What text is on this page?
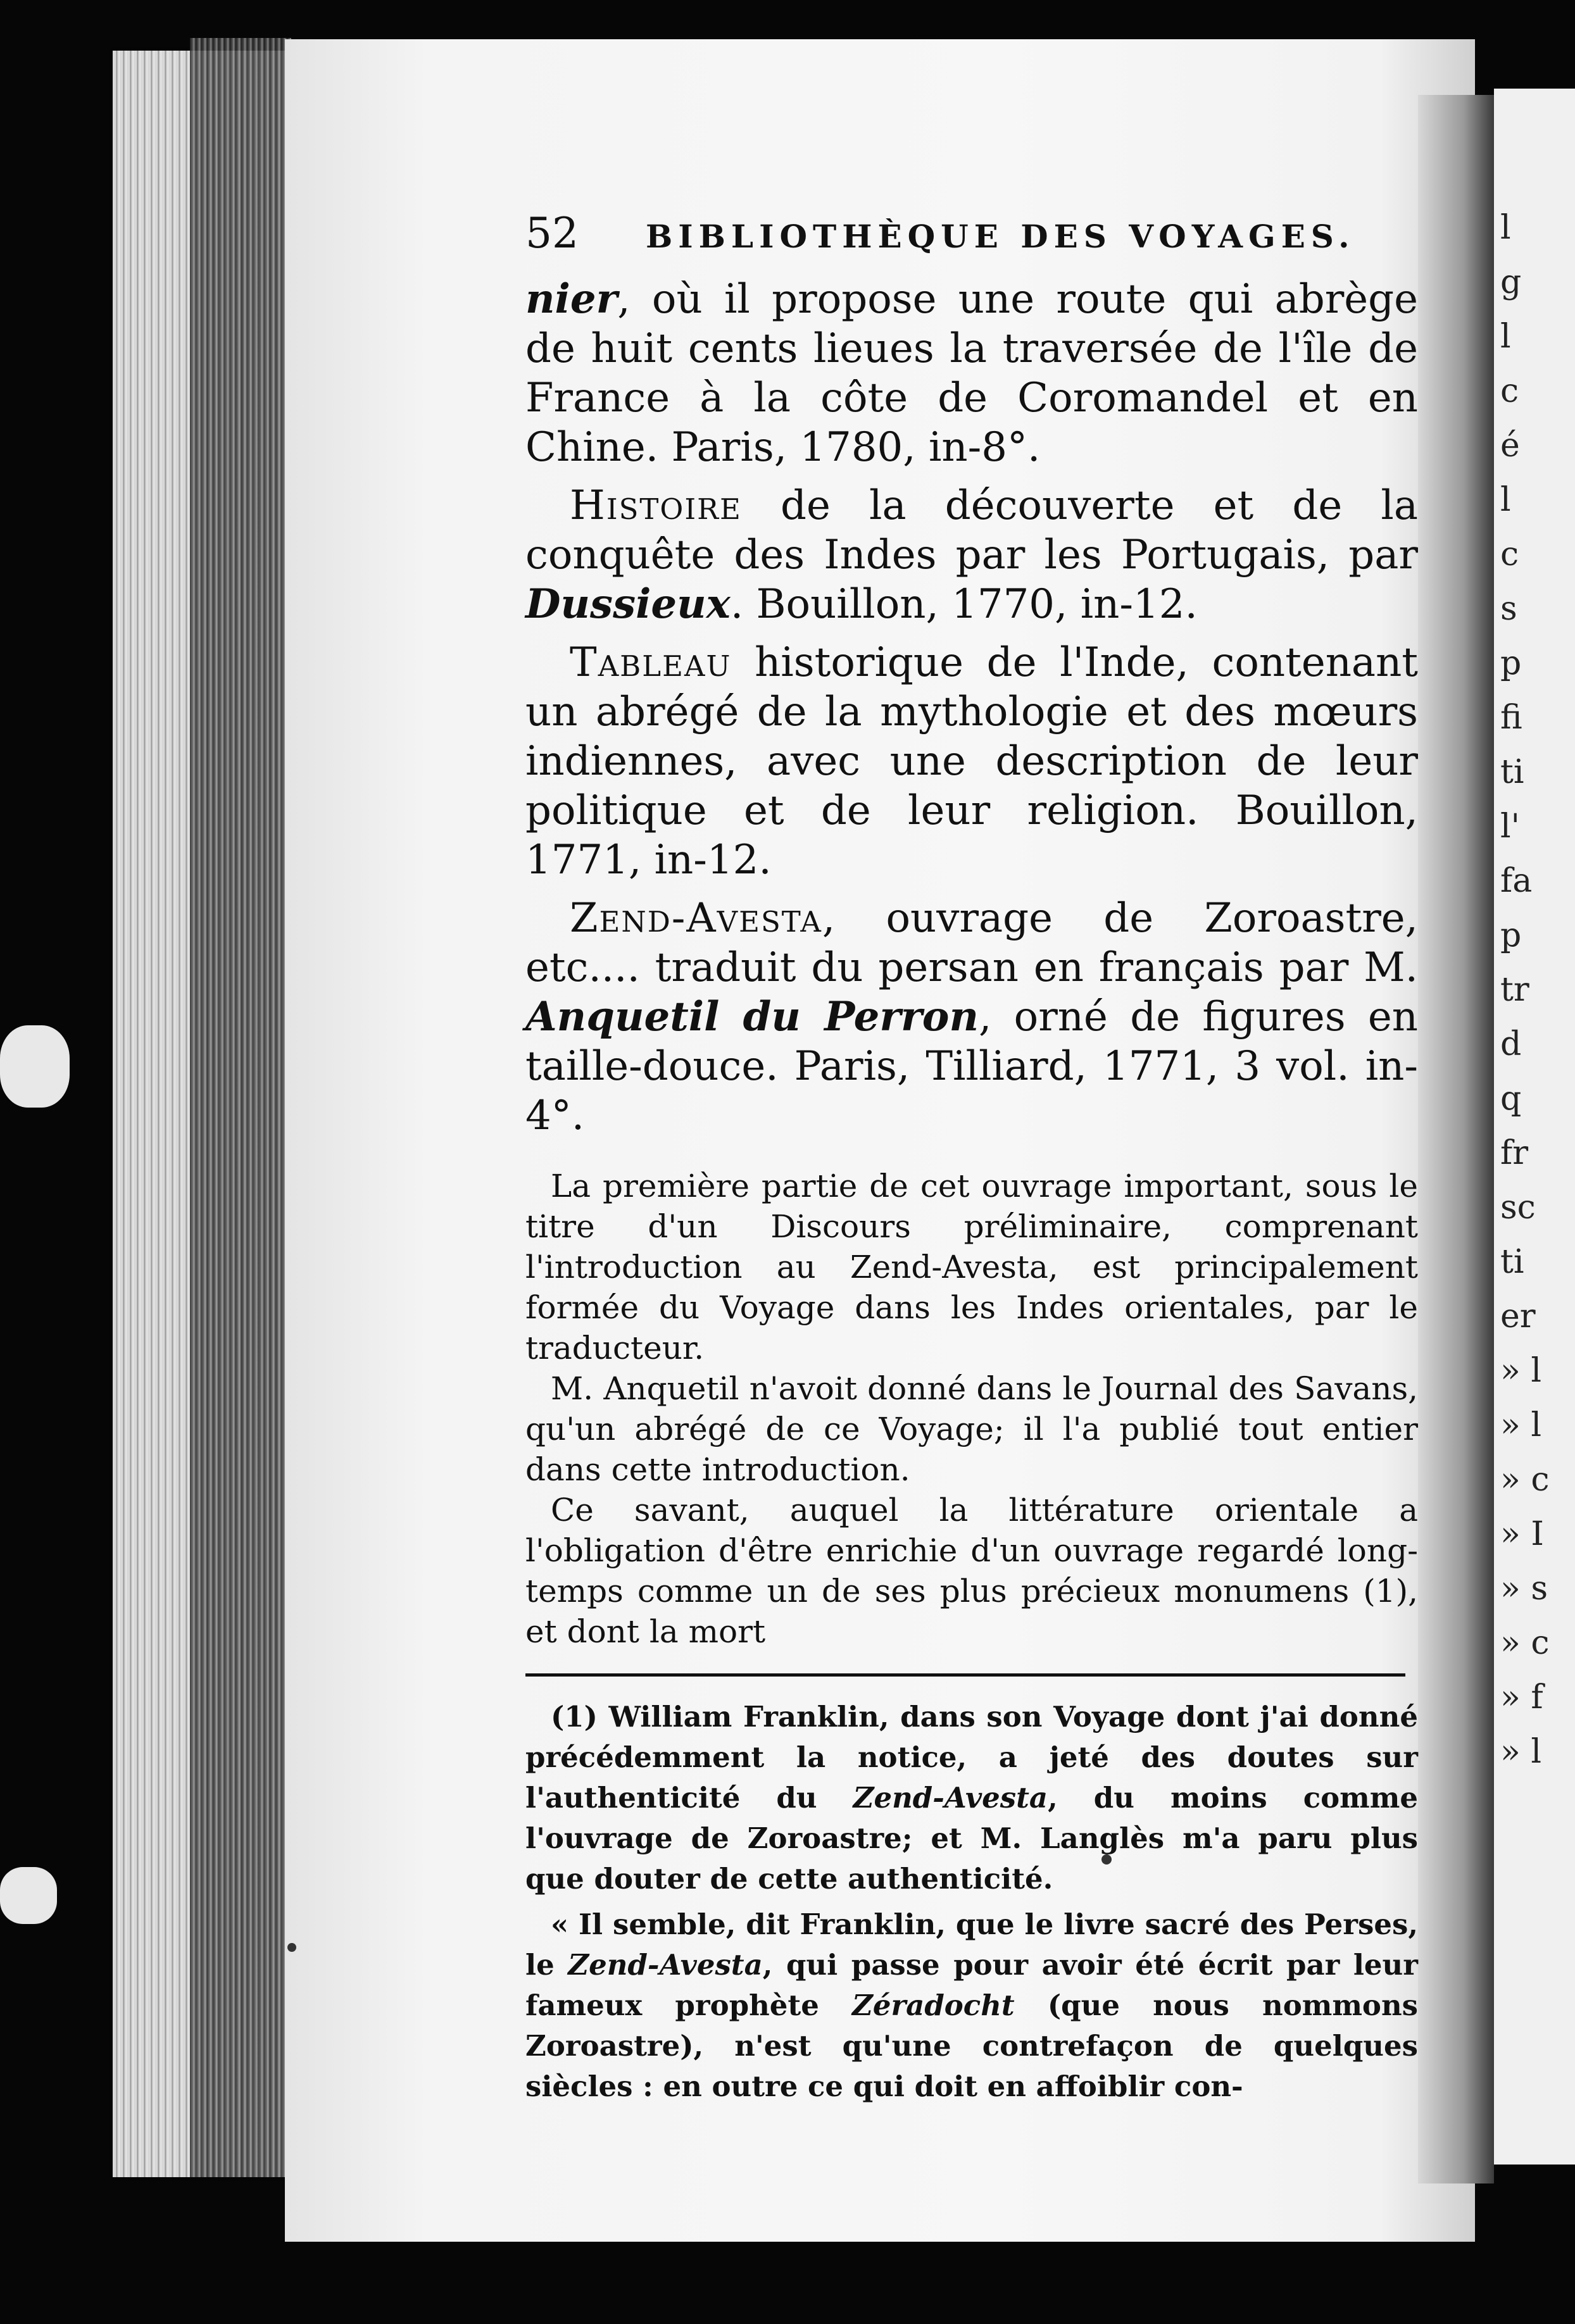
l
g
l
c
é
l
c
s
p
fi
ti
l'
fa
p
tr
d
q
fr
sc
ti
er
» l
» l
» c
» I
» s
» c
» f
» l
52	BIBLIOTHÈQUE DES VOYAGES.

nier, où il propose une route qui abrège de huit cents lieues la traversée de l'île de France à la côte de Coromandel et en Chine. Paris, 1780, in-8°.

Histoire de la découverte et de la conquête des Indes par les Portugais, par Dussieux. Bouillon, 1770, in-12.

Tableau historique de l'Inde, contenant un abrégé de la mythologie et des mœurs indiennes, avec une description de leur politique et de leur religion. Bouillon, 1771, in-12.

Zend-Avesta, ouvrage de Zoroastre, etc.... traduit du persan en français par M. Anquetil du Perron, orné de figures en taille-douce. Paris, Tilliard, 1771, 3 vol. in-4°.

La première partie de cet ouvrage important, sous le titre d'un Discours préliminaire, comprenant l'introduction au Zend-Avesta, est principalement formée du Voyage dans les Indes orientales, par le traducteur.

M. Anquetil n'avoit donné dans le Journal des Savans, qu'un abrégé de ce Voyage; il l'a publié tout entier dans cette introduction.

Ce savant, auquel la littérature orientale a l'obligation d'être enrichie d'un ouvrage regardé long-temps comme un de ses plus précieux monumens (1), et dont la mort

(1) William Franklin, dans son Voyage dont j'ai donné précédemment la notice, a jeté des doutes sur l'authenticité du Zend-Avesta, du moins comme l'ouvrage de Zoroastre; et M. Langlès m'a paru plus que douter de cette authenticité.

« Il semble, dit Franklin, que le livre sacré des Perses, le Zend-Avesta, qui passe pour avoir été écrit par leur fameux prophète Zéradocht (que nous nommons Zoroastre), n'est qu'une contrefaçon de quelques siècles : en outre ce qui doit en affoiblir con-
